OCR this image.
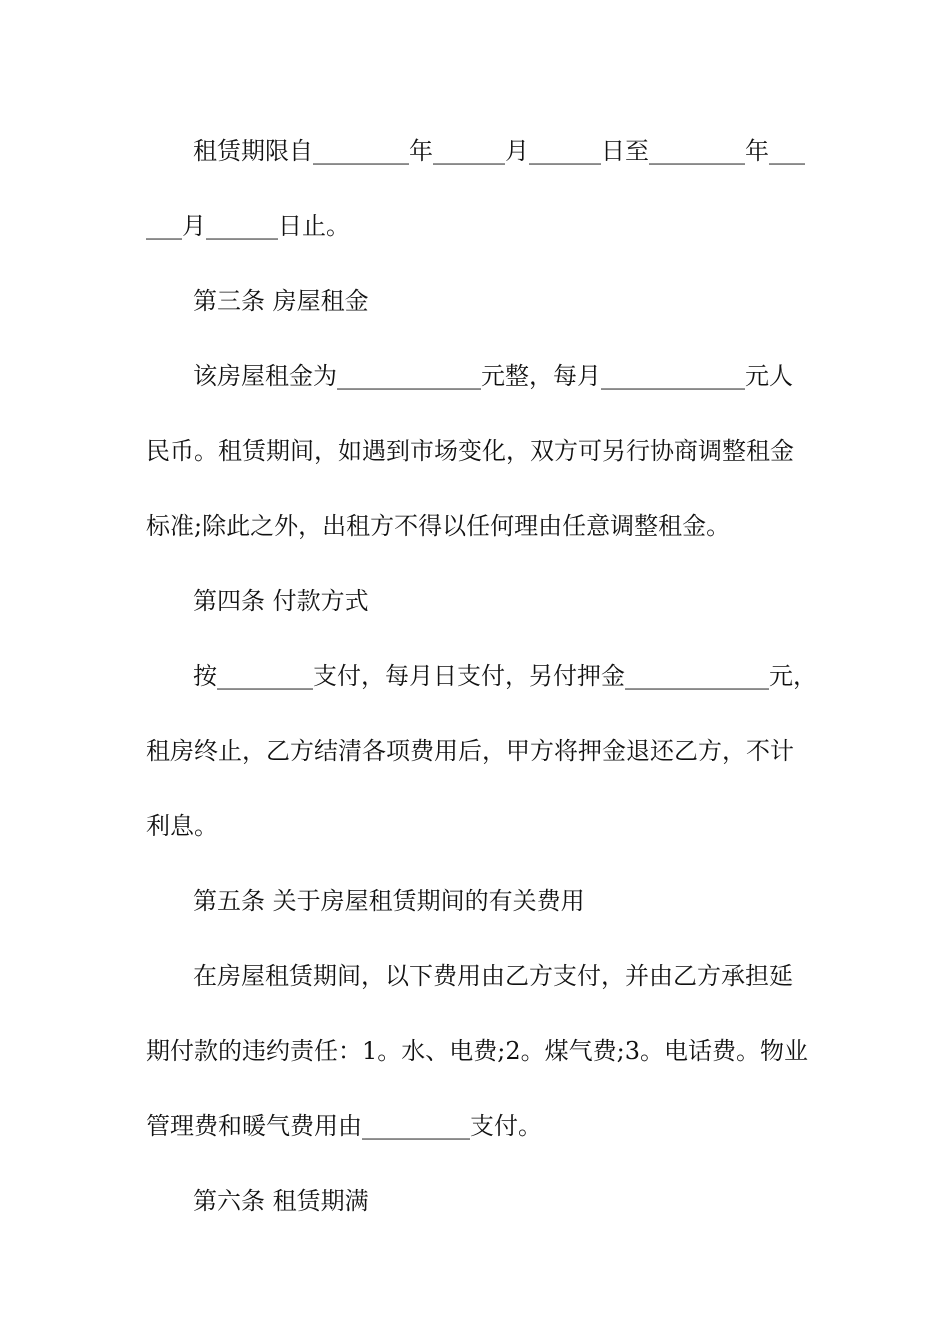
租赁期限自________年______月______日至________年___
___月______日止。
第三条 房屋租金
该房屋租金为____________元整，每月____________元人
民币。租赁期间，如遇到市场变化，双方可另行协商调整租金
标准;除此之外，出租方不得以任何理由任意调整租金。
第四条 付款方式
按________支付，每月日支付，另付押金____________元，
租房终止，乙方结清各项费用后，甲方将押金退还乙方，不计
利息。
第五条 关于房屋租赁期间的有关费用
在房屋租赁期间，以下费用由乙方支付，并由乙方承担延
期付款的违约责任：1。水、电费;2。煤气费;3。电话费。物业
管理费和暖气费用由_________支付。
第六条 租赁期满
